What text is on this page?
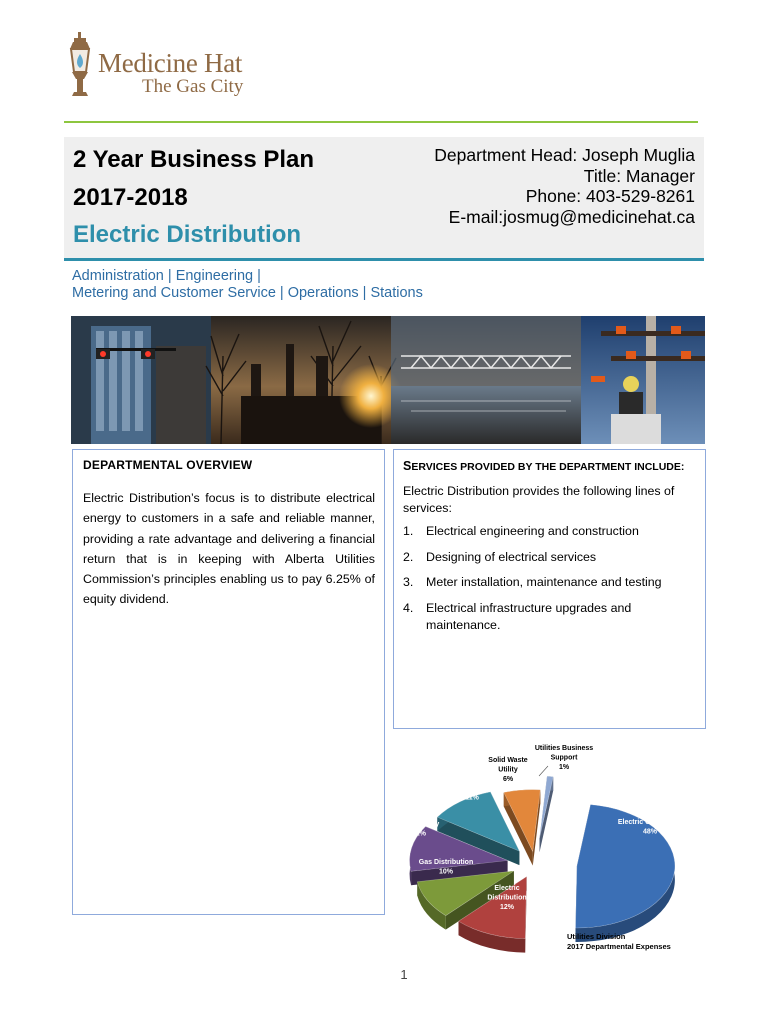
Medicine Hat
The Gas City
2 Year Business Plan
2017-2018
Electric Distribution
Department Head: Joseph Muglia
Title: Manager
Phone: 403-529-8261
E-mail:josmug@medicinehat.ca
Administration | Engineering |
Metering and Customer Service | Operations | Stations
DEPARTMENTAL OVERVIEW
Electric Distribution’s focus is to distribute electrical energy to customers in a safe and reliable manner, providing a rate advantage and delivering a financial return that is in keeping with Alberta Utilities Commission’s principles enabling us to pay 6.25% of equity dividend.
SERVICES PROVIDED BY THE DEPARTMENT INCLUDE:
Electric Distribution provides the following lines of services:
1. Electrical engineering and construction
2. Designing of electrical services
3. Meter installation, maintenance and testing
4. Electrical infrastructure upgrades and maintenance.
Electric Generation 48%
Electric Distribution 12%
Gas Distribution 10%
Water Utility 12%
Sewer Utility 11%
Solid Waste Utility 6%
Utilities Business Support 1%
Utilities Division 2017 Departmental Expenses
1
